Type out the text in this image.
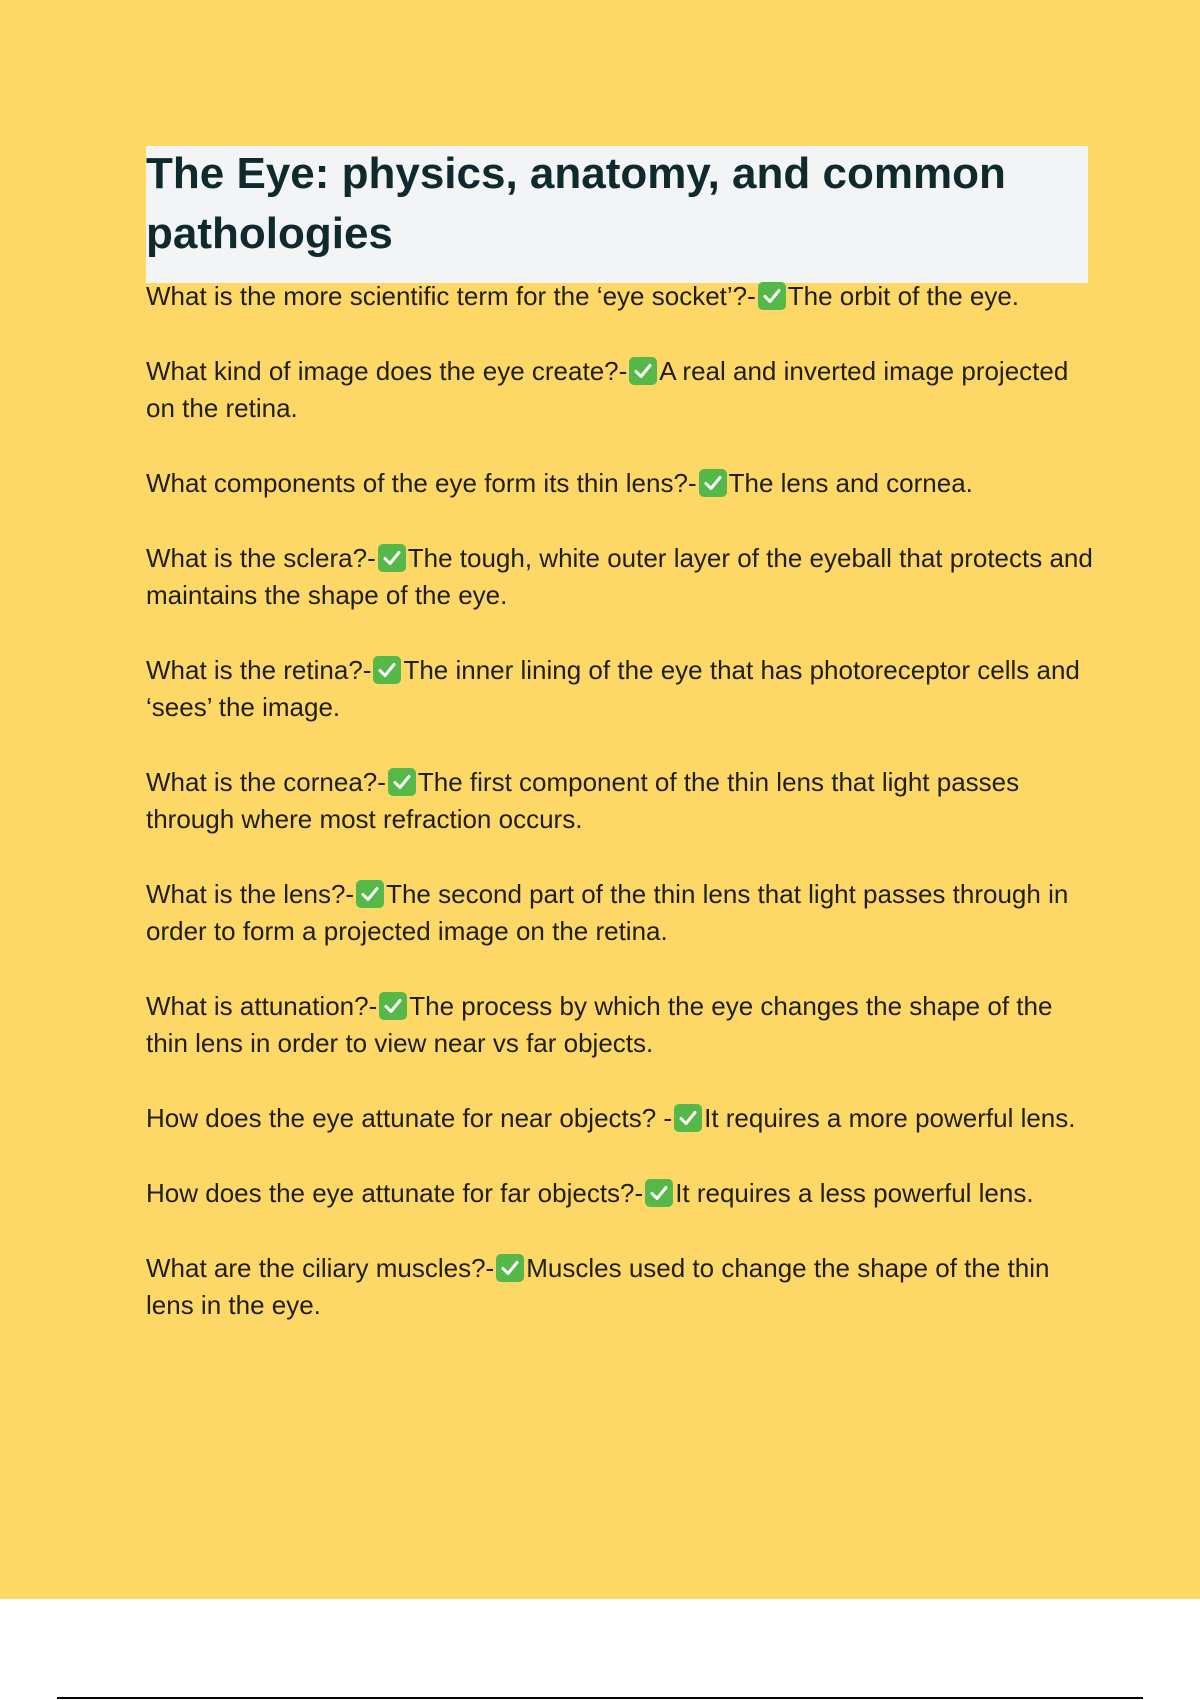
The Eye: physics, anatomy, and common pathologies

What is the more scientific term for the ‘eye socket’?- The orbit of the eye.

What kind of image does the eye create?- A real and inverted image projected on the retina.

What components of the eye form its thin lens?- The lens and cornea.

What is the sclera?- The tough, white outer layer of the eyeball that protects and maintains the shape of the eye.

What is the retina?- The inner lining of the eye that has photoreceptor cells and ‘sees’ the image.

What is the cornea?- The first component of the thin lens that light passes through where most refraction occurs.

What is the lens?- The second part of the thin lens that light passes through in order to form a projected image on the retina.

What is attunation?- The process by which the eye changes the shape of the thin lens in order to view near vs far objects.

How does the eye attunate for near objects? - It requires a more powerful lens.

How does the eye attunate for far objects?- It requires a less powerful lens.

What are the ciliary muscles?- Muscles used to change the shape of the thin lens in the eye.
